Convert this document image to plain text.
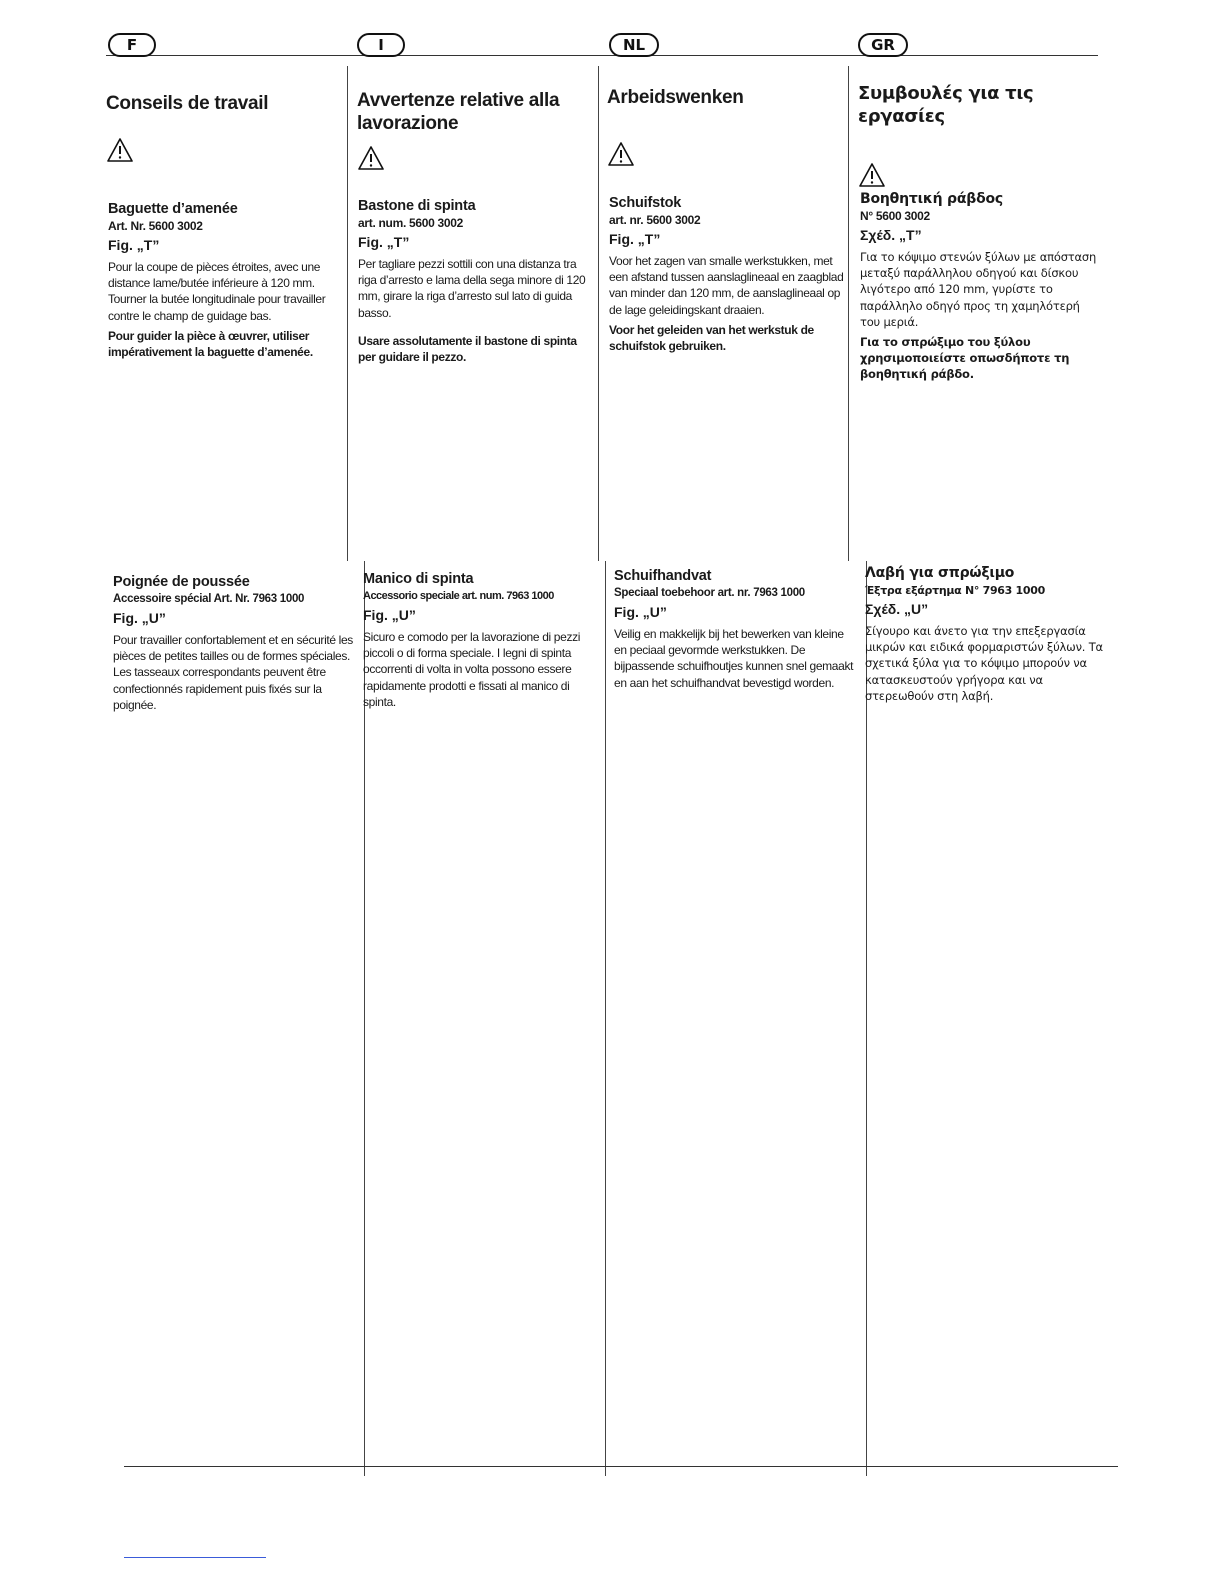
F	I	NL	GR
Conseils de travail
Baguette d’amenée
Art. Nr. 5600 3002
Fig. „T”

Pour la coupe de pièces étroites, avec une distance lame/butée inférieure à 120 mm. Tourner la butée longitudinale pour travailler contre le champ de guidage bas.

Pour guider la pièce à œuvrer, utiliser impérativement la baguette d’amenée.

Poignée de poussée
Accessoire spécial Art. Nr. 7963 1000
Fig. „U”

Pour travailler confortablement et en sécurité les pièces de petites tailles ou de formes spéciales. Les tasseaux correspondants peuvent être confectionnés rapidement puis fixés sur la poignée.

Avvertenze relative alla lavorazione
Bastone di spinta
art. num. 5600 3002
Fig. „T”

Per tagliare pezzi sottili con una distanza tra riga d’arresto e lama della sega minore di 120 mm, girare la riga d’arresto sul lato di guida basso.

Usare assolutamente il bastone di spinta per guidare il pezzo.

Manico di spinta
Accessorio speciale art. num. 7963 1000
Fig. „U”

Sicuro e comodo per la lavorazione di pezzi piccoli o di forma speciale. I legni di spinta occorrenti di volta in volta possono essere rapidamente prodotti e fissati al manico di spinta.

Arbeidswenken
Schuifstok
art. nr. 5600 3002
Fig. „T”

Voor het zagen van smalle werkstukken, met een afstand tussen aanslaglineaal en zaagblad van minder dan 120 mm, de aanslaglineaal op de lage geleidingskant draaien.

Voor het geleiden van het werkstuk de schuifstok gebruiken.

Schuifhandvat
Speciaal toebehoor art. nr. 7963 1000
Fig. „U”

Veilig en makkelijk bij het bewerken van kleine en peciaal gevormde werkstukken. De bijpassende schuifhoutjes kunnen snel gemaakt en aan het schuifhandvat bevestigd worden.

Συμβουλές για τις εργασίες
Βοηθητική ράβδος
N° 5600 3002
Σχέδ. „T”

Για το κόψιμο στενών ξύλων με απόσταση μεταξύ παράλληλου οδηγού και δίσκου λιγότερο από 120 mm, γυρίστε το παράλληλο οδηγό προς τη χαμηλότερή του μεριά.

Για το σπρώξιμο του ξύλου χρησιμοποιείστε οπωσδήποτε τη βοηθητική ράβδο.

Λαβή για σπρώξιμο
Έξτρα εξάρτημα N° 7963 1000
Σχέδ. „U”

Σίγουρο και άνετο για την επεξεργασία μικρών και ειδικά φορμαριστών ξύλων. Τα σχετικά ξύλα για το κόψιμο μπορούν να κατασκευστούν γρήγορα και να στερεωθούν στη λαβή.
